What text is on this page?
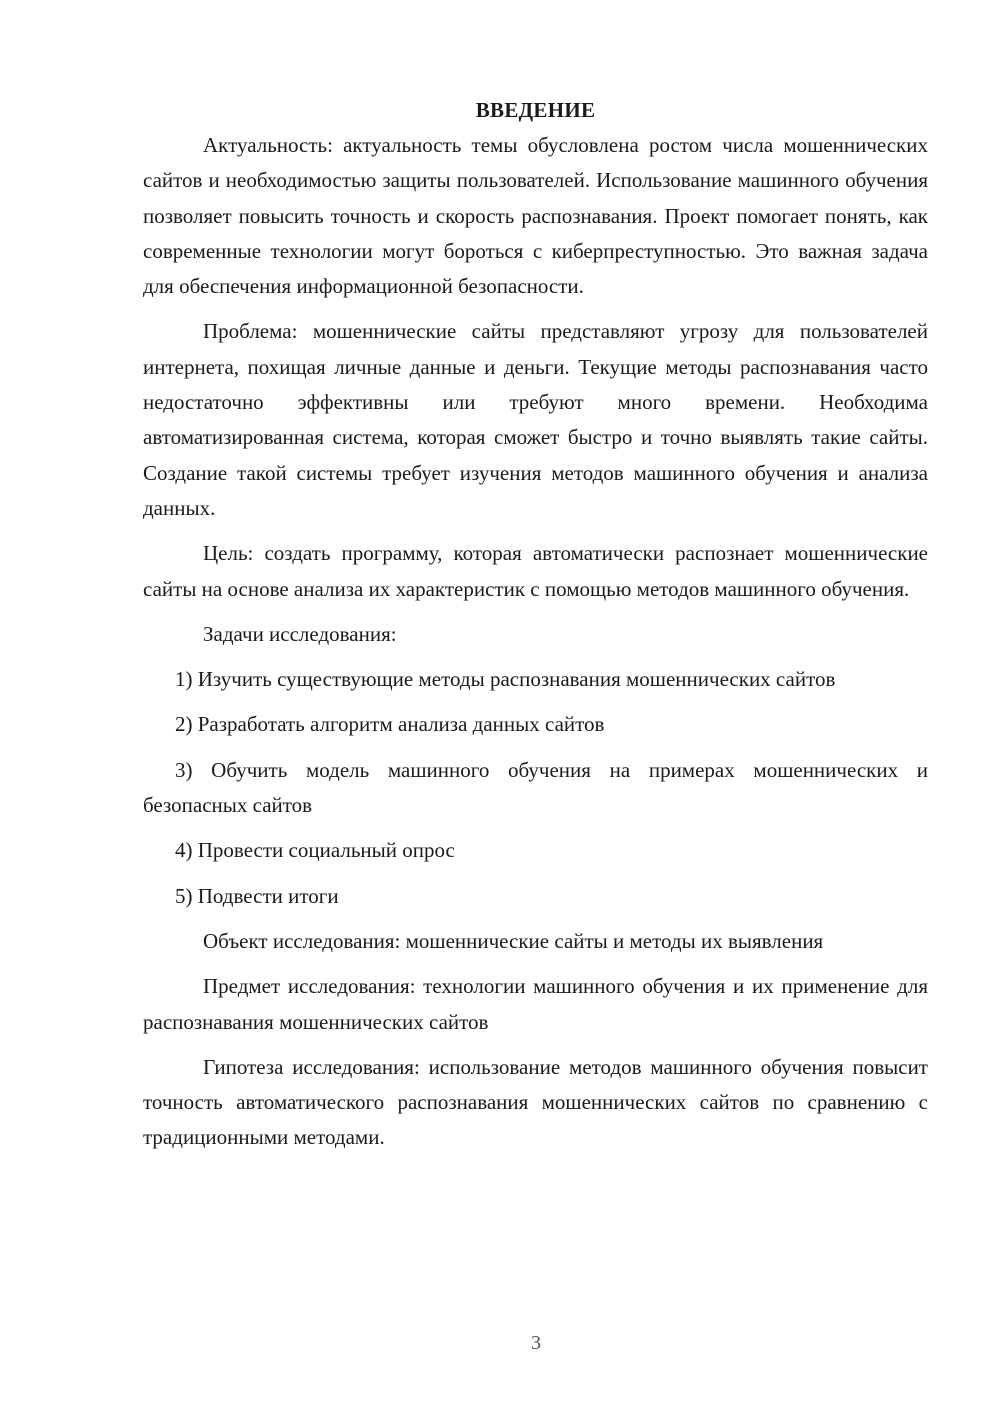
ВВЕДЕНИЕ

Актуальность: актуальность темы обусловлена ростом числа мошеннических сайтов и необходимостью защиты пользователей. Использование машинного обучения позволяет повысить точность и скорость распознавания. Проект помогает понять, как современные технологии могут бороться с киберпреступностью. Это важная задача для обеспечения информационной безопасности.

Проблема: мошеннические сайты представляют угрозу для пользователей интернета, похищая личные данные и деньги. Текущие методы распознавания часто недостаточно эффективны или требуют много времени. Необходима автоматизированная система, которая сможет быстро и точно выявлять такие сайты. Создание такой системы требует изучения методов машинного обучения и анализа данных.

Цель: создать программу, которая автоматически распознает мошеннические сайты на основе анализа их характеристик с помощью методов машинного обучения.

Задачи исследования:

1) Изучить существующие методы распознавания мошеннических сайтов

2) Разработать алгоритм анализа данных сайтов

3) Обучить модель машинного обучения на примерах мошеннических и безопасных сайтов

4) Провести социальный опрос

5) Подвести итоги

Объект исследования: мошеннические сайты и методы их выявления

Предмет исследования: технологии машинного обучения и их применение для распознавания мошеннических сайтов

Гипотеза исследования: использование методов машинного обучения повысит точность автоматического распознавания мошеннических сайтов по сравнению с традиционными методами.

3
